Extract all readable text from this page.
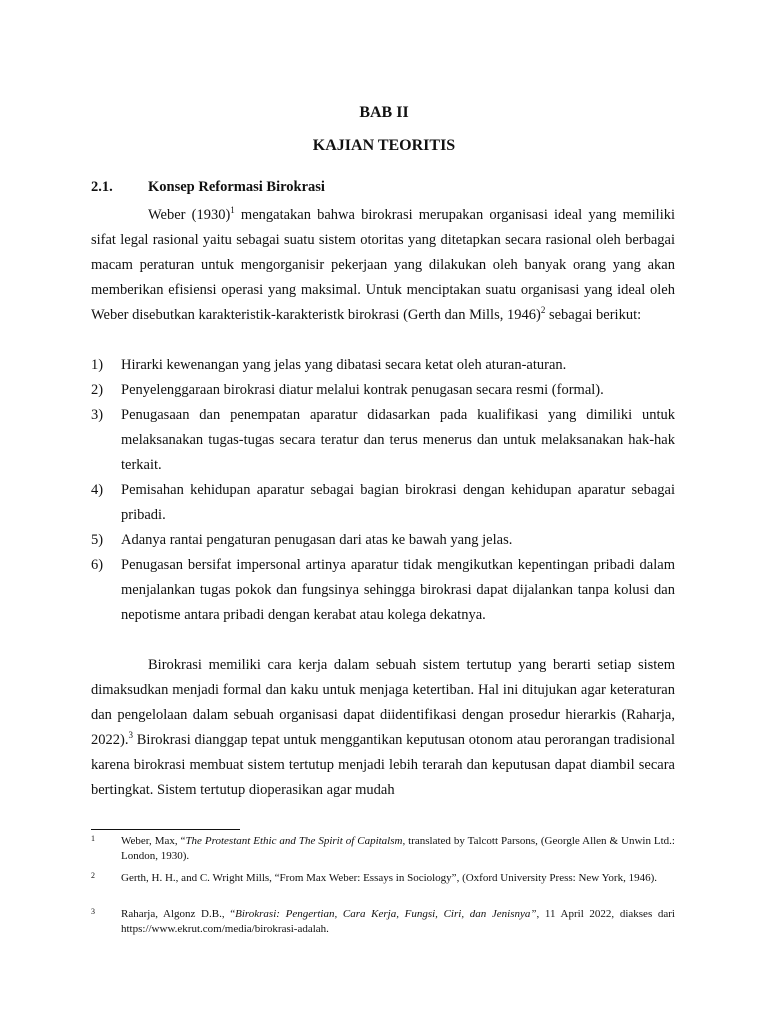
BAB II
KAJIAN TEORITIS
2.1. Konsep Reformasi Birokrasi

Weber $(1930)^1$ mengatakan bahwa birokrasi merupakan organisasi ideal yang memiliki sifat legal rasional yaitu sebagai suatu sistem otoritas yang ditetapkan secara rasional oleh berbagai macam peraturan untuk mengorganisir pekerjaan yang dilakukan oleh banyak orang yang akan memberikan efisiensi operasi yang maksimal. Untuk menciptakan suatu organisasi yang ideal oleh Weber disebutkan karakteristik-karakteristk birokrasi (Gerth dan Mills, 1946)$^2$ sebagai berikut:

1) Hirarki kewenangan yang jelas yang dibatasi secara ketat oleh aturan-aturan.
2) Penyelenggaraan birokrasi diatur melalui kontrak penugasan secara resmi (formal).
3) Penugasaan dan penempatan aparatur didasarkan pada kualifikasi yang dimiliki untuk melaksanakan tugas-tugas secara teratur dan terus menerus dan untuk melaksanakan hak-hak terkait.
4) Pemisahan kehidupan aparatur sebagai bagian birokrasi dengan kehidupan aparatur sebagai pribadi.
5) Adanya rantai pengaturan penugasan dari atas ke bawah yang jelas.
6) Penugasan bersifat impersonal artinya aparatur tidak mengikutkan kepentingan pribadi dalam menjalankan tugas pokok dan fungsinya sehingga birokrasi dapat dijalankan tanpa kolusi dan nepotisme antara pribadi dengan kerabat atau kolega dekatnya.

Birokrasi memiliki cara kerja dalam sebuah sistem tertutup yang berarti setiap sistem dimaksudkan menjadi formal dan kaku untuk menjaga ketertiban. Hal ini ditujukan agar keteraturan dan pengelolaan dalam sebuah organisasi dapat diidentifikasi dengan prosedur hierarkis (Raharja, 2022).$^3$ Birokrasi dianggap tepat untuk menggantikan keputusan otonom atau perorangan tradisional karena birokrasi membuat sistem tertutup menjadi lebih terarah dan keputusan dapat diambil secara bertingkat. Sistem tertutup dioperasikan agar mudah

1	Weber, Max, “The Protestant Ethic and The Spirit of Capitalsm, translated by Talcott Parsons, (Georgle Allen & Unwin Ltd.: London, 1930).
2	Gerth, H. H., and C. Wright Mills, “From Max Weber: Essays in Sociology”, (Oxford University Press: New York, 1946).
3	Raharja, Algonz D.B., “Birokrasi: Pengertian, Cara Kerja, Fungsi, Ciri, dan Jenisnya”, 11 April 2022, diakses dari https://www.ekrut.com/media/birokrasi-adalah.
